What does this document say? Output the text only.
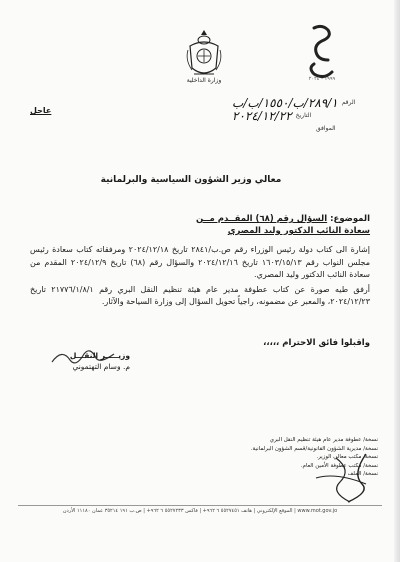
وزارة الداخلية	١٩٩٩ - ٢٠٢٤
الرقم
٢٨٩/١/ب/١٥٥٠/ب/ب
التاريخ
٢٠٢٤/١٢/٢٢
الموافق
عاجل
معالي وزير الشؤون السياسية والبرلمانية
الموضوع: السؤال رقم (٦٨) المقــدم مــن
سعادة النائب الدكتور وليد المصري

إشارة الى كتاب دولة رئيس الوزراء رقم ص.ب/٢٨٤١ تاريخ ٢٠٢٤/١٢/١٨ ومرفقاته كتاب سعادة رئيس مجلس النواب رقم ١٦٠٣/١٥/١٣ تاريخ ٢٠٢٤/١٢/١٦ والسؤال رقم (٦٨) تاريخ ٢٠٢٤/١٢/٩ المقدم من سعادة النائب الدكتور وليد المصري.

أرفق طيه صورة عن كتاب عطوفة مدير عام هيئة تنظيم النقل البري رقم ٢١٧٧٦/١/٨/١ تاريخ ٢٠٢٤/١٢/٢٣، والمعبر عن مضمونه، راجياً تحويل السؤال إلى وزارة السياحة والآثار.

واقبلوا فائق الاحترام ،،،،،
وزيـــــر النقـــل
م. وسام التهتموني
نسخة/ عطوفة مدير عام هيئة تنظيم النقل البري
نسخة/ مديرية الشؤون القانونية/قسم الشؤون البرلمانية.
نسخة/ مكتب معالي الوزير.
نسخة/ مكتب عطوفة الأمين العام.
نسخة/ الملف
www.mot.gov.jo | الموقع الإلكتروني | هاتف ٥٥٢٧٤٥١ ٦ ٩٦٢+ | فاكس ٥٥٢٧٢٣٣ ٦ ٩٦٢+ | ص.ب ١٩١ ٣٥٢١٤ عمان ١١١٨٠ الأردن
